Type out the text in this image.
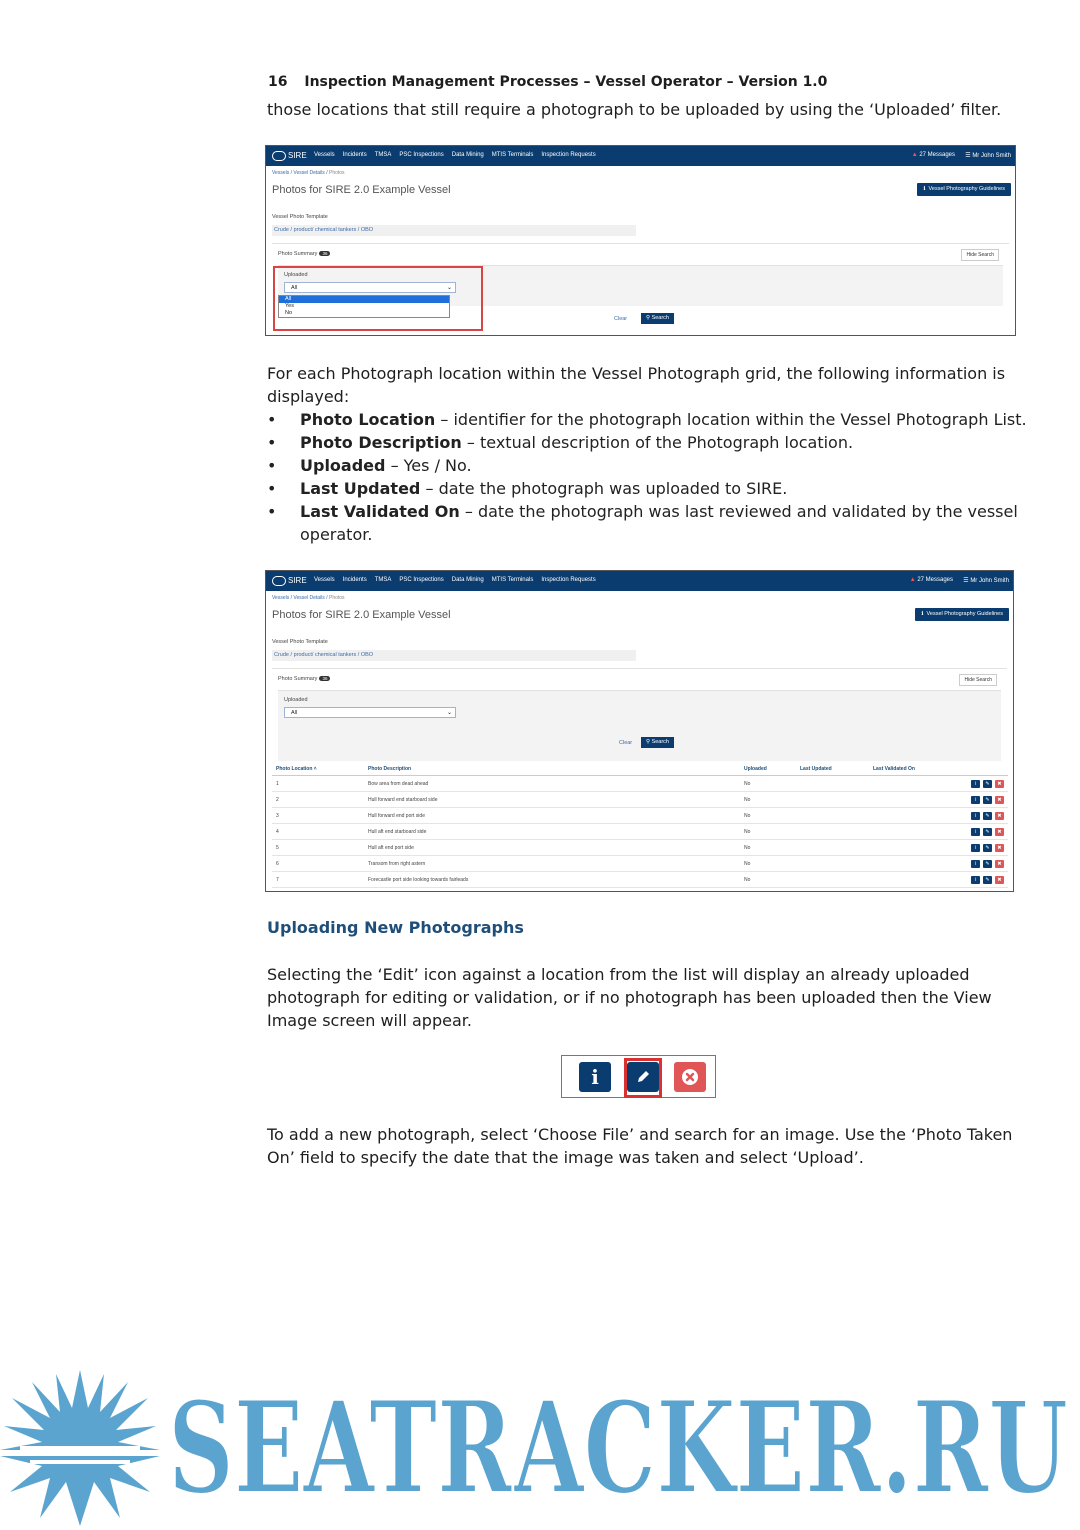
16 Inspection Management Processes – Vessel Operator – Version 1.0
those locations that still require a photograph to be uploaded by using the ‘Uploaded’ filter.
SIRE Vessels Incidents TMSA PSC Inspections Data Mining MTIS Terminals Inspection Requests	▲ 27 Messages ☰ Mr John Smith
Vessels / Vessel Details / Photos
Photos for SIRE 2.0 Example Vessel	ℹ  Vessel Photography Guidelines
Vessel Photo Template
Crude / product/ chemical tankers / OBO
Photo Summary 36	Hide Search
Uploaded
All	⌄
Clear	⚲ Search
All
Yes
No
For each Photograph location within the Vessel Photograph grid, the following information is displayed:
• Photo Location – identifier for the photograph location within the Vessel Photograph List.
• Photo Description – textual description of the Photograph location.
• Uploaded – Yes / No.
• Last Updated – date the photograph was uploaded to SIRE.
• Last Validated On – date the photograph was last reviewed and validated by the vessel operator.
SIRE Vessels Incidents TMSA PSC Inspections Data Mining MTIS Terminals Inspection Requests	▲ 27 Messages ☰ Mr John Smith
Vessels / Vessel Details / Photos
Photos for SIRE 2.0 Example Vessel	ℹ  Vessel Photography Guidelines
Vessel Photo Template
Crude / product/ chemical tankers / OBO
Photo Summary 36	Hide Search
Uploaded
All	⌄
Clear	⚲ Search
Photo Location ˄	Photo Description	Uploaded	Last Updated	Last Validated On	
1	Bow area from dead ahead	No			i ✎ ✖

2	Hull forward end starboard side	No			i ✎ ✖

3	Hull forward end port side	No			i ✎ ✖

4	Hull aft end starboard side	No			i ✎ ✖

5	Hull aft end port side	No			i ✎ ✖

6	Transom from right astern	No			i ✎ ✖

7	Forecastle port side looking towards fairleads	No			i ✎ ✖
Uploading New Photographs
Selecting the ‘Edit’ icon against a location from the list will display an already uploaded photograph for editing or validation, or if no photograph has been uploaded then the View Image screen will appear.
i
To add a new photograph, select ‘Choose File’ and search for an image. Use the ‘Photo Taken On’ field to specify the date that the image was taken and select ‘Upload’.
SEATRACKER.RU
